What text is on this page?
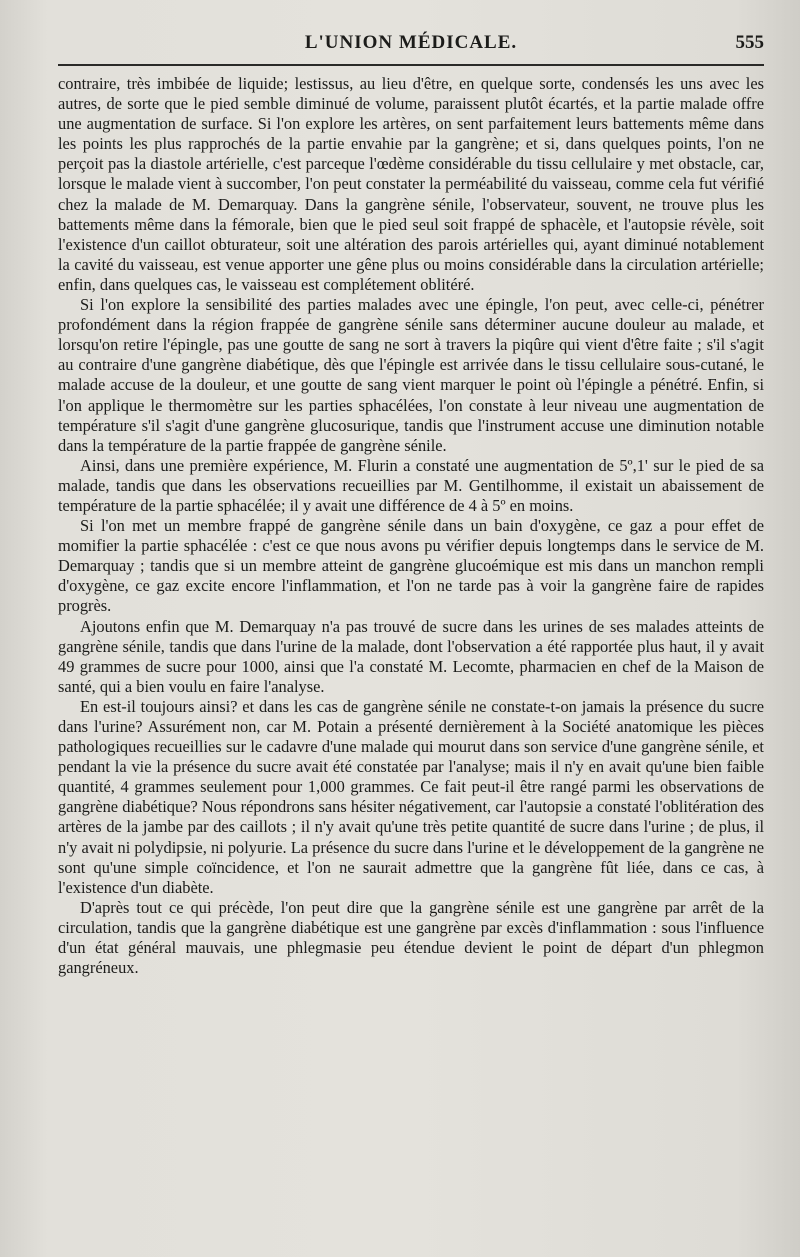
L'UNION MÉDICALE.	555

contraire, très imbibée de liquide; lestissus, au lieu d'être, en quelque sorte, condensés les uns avec les autres, de sorte que le pied semble diminué de volume, paraissent plutôt écartés, et la partie malade offre une augmentation de surface. Si l'on explore les artères, on sent parfaitement leurs battements même dans les points les plus rapprochés de la partie envahie par la gangrène; et si, dans quelques points, l'on ne perçoit pas la diastole artérielle, c'est parceque l'œdème considérable du tissu cellulaire y met obstacle, car, lorsque le malade vient à succomber, l'on peut constater la perméabilité du vaisseau, comme cela fut vérifié chez la malade de M. Demarquay. Dans la gangrène sénile, l'observateur, souvent, ne trouve plus les battements même dans la fémorale, bien que le pied seul soit frappé de sphacèle, et l'autopsie révèle, soit l'existence d'un caillot obturateur, soit une altération des parois artérielles qui, ayant diminué notablement la cavité du vaisseau, est venue apporter une gêne plus ou moins considérable dans la circulation artérielle; enfin, dans quelques cas, le vaisseau est complétement oblitéré.

Si l'on explore la sensibilité des parties malades avec une épingle, l'on peut, avec celle-ci, pénétrer profondément dans la région frappée de gangrène sénile sans déterminer aucune douleur au malade, et lorsqu'on retire l'épingle, pas une goutte de sang ne sort à travers la piqûre qui vient d'être faite ; s'il s'agit au contraire d'une gangrène diabétique, dès que l'épingle est arrivée dans le tissu cellulaire sous-cutané, le malade accuse de la douleur, et une goutte de sang vient marquer le point où l'épingle a pénétré. Enfin, si l'on applique le thermomètre sur les parties sphacélées, l'on constate à leur niveau une augmentation de température s'il s'agit d'une gangrène glucosurique, tandis que l'instrument accuse une diminution notable dans la température de la partie frappée de gangrène sénile.

Ainsi, dans une première expérience, M. Flurin a constaté une augmentation de 5º,1' sur le pied de sa malade, tandis que dans les observations recueillies par M. Gentilhomme, il existait un abaissement de température de la partie sphacélée; il y avait une différence de 4 à 5º en moins.

Si l'on met un membre frappé de gangrène sénile dans un bain d'oxygène, ce gaz a pour effet de momifier la partie sphacélée : c'est ce que nous avons pu vérifier depuis longtemps dans le service de M. Demarquay ; tandis que si un membre atteint de gangrène glucoémique est mis dans un manchon rempli d'oxygène, ce gaz excite encore l'inflammation, et l'on ne tarde pas à voir la gangrène faire de rapides progrès.

Ajoutons enfin que M. Demarquay n'a pas trouvé de sucre dans les urines de ses malades atteints de gangrène sénile, tandis que dans l'urine de la malade, dont l'observation a été rapportée plus haut, il y avait 49 grammes de sucre pour 1000, ainsi que l'a constaté M. Lecomte, pharmacien en chef de la Maison de santé, qui a bien voulu en faire l'analyse.

En est-il toujours ainsi? et dans les cas de gangrène sénile ne constate-t-on jamais la présence du sucre dans l'urine? Assurément non, car M. Potain a présenté dernièrement à la Société anatomique les pièces pathologiques recueillies sur le cadavre d'une malade qui mourut dans son service d'une gangrène sénile, et pendant la vie la présence du sucre avait été constatée par l'analyse; mais il n'y en avait qu'une bien faible quantité, 4 grammes seulement pour 1,000 grammes. Ce fait peut-il être rangé parmi les observations de gangrène diabétique? Nous répondrons sans hésiter négativement, car l'autopsie a constaté l'oblitération des artères de la jambe par des caillots ; il n'y avait qu'une très petite quantité de sucre dans l'urine ; de plus, il n'y avait ni polydipsie, ni polyurie. La présence du sucre dans l'urine et le développement de la gangrène ne sont qu'une simple coïncidence, et l'on ne saurait admettre que la gangrène fût liée, dans ce cas, à l'existence d'un diabète.

D'après tout ce qui précède, l'on peut dire que la gangrène sénile est une gangrène par arrêt de la circulation, tandis que la gangrène diabétique est une gangrène par excès d'inflammation : sous l'influence d'un état général mauvais, une phlegmasie peu étendue devient le point de départ d'un phlegmon gangréneux.
